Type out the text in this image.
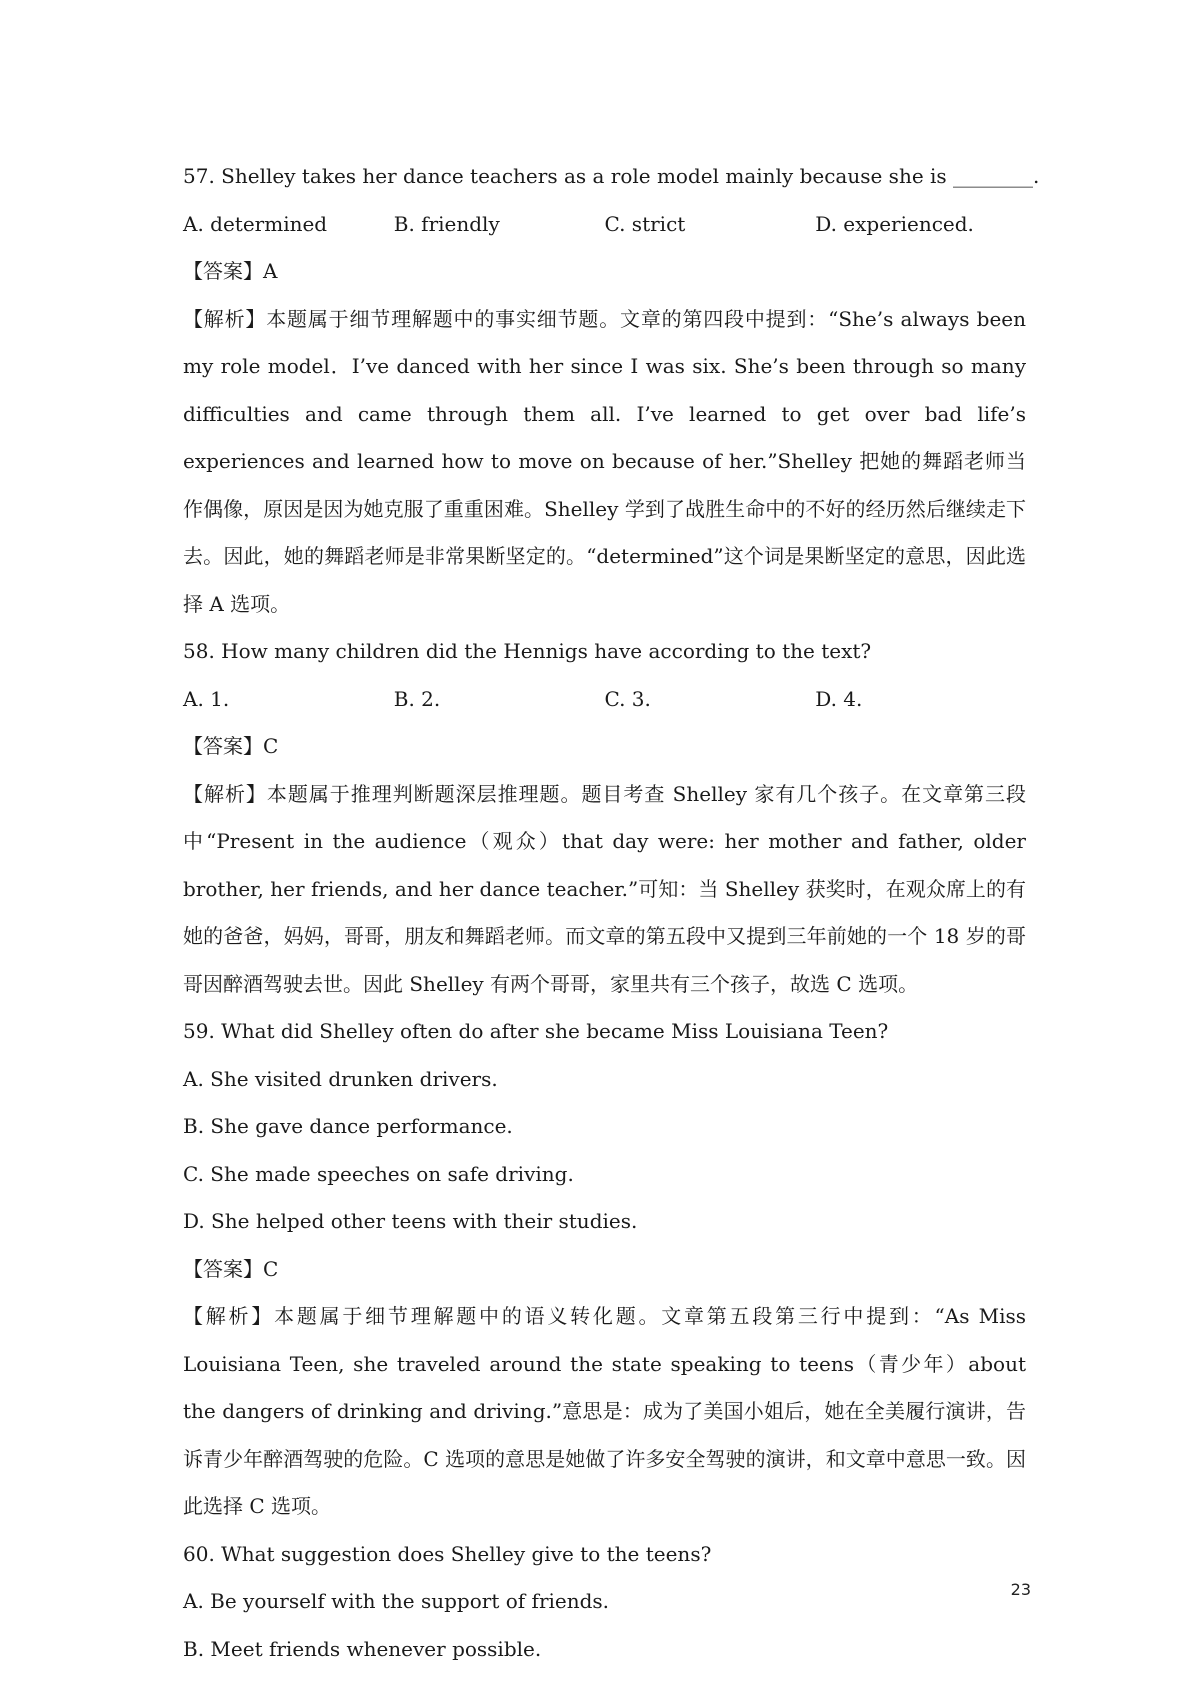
57. Shelley takes her dance teachers as a role model mainly because she is ________.
A. determined	B. friendly	C. strict	D. experienced.
【答案】A
【解析】本题属于细节理解题中的事实细节题。文章的第四段中提到：“She’s always been my role model．I’ve danced with her since I was six. She’s been through so many difficulties and came through them all. I’ve learned to get over bad life’s experiences and learned how to move on because of her.”Shelley 把她的舞蹈老师当作偶像，原因是因为她克服了重重困难。Shelley 学到了战胜生命中的不好的经历然后继续走下去。因此，她的舞蹈老师是非常果断坚定的。“determined”这个词是果断坚定的意思，因此选择 A 选项。
58. How many children did the Hennigs have according to the text?
A. 1.	B. 2.	C. 3.	D. 4.
【答案】C
【解析】本题属于推理判断题深层推理题。题目考查 Shelley 家有几个孩子。在文章第三段中“Present in the audience（观众）that day were: her mother and father, older brother, her friends, and her dance teacher.”可知：当 Shelley 获奖时，在观众席上的有她的爸爸，妈妈，哥哥，朋友和舞蹈老师。而文章的第五段中又提到三年前她的一个 18 岁的哥哥因醉酒驾驶去世。因此 Shelley 有两个哥哥，家里共有三个孩子，故选 C 选项。
59. What did Shelley often do after she became Miss Louisiana Teen?
A. She visited drunken drivers.
B. She gave dance performance.
C. She made speeches on safe driving.
D. She helped other teens with their studies.
【答案】C
【解析】本题属于细节理解题中的语义转化题。文章第五段第三行中提到：“As Miss Louisiana Teen, she traveled around the state speaking to teens（青少年）about the dangers of drinking and driving.”意思是：成为了美国小姐后，她在全美履行演讲，告诉青少年醉酒驾驶的危险。C 选项的意思是她做了许多安全驾驶的演讲，和文章中意思一致。因此选择 C 选项。
60. What suggestion does Shelley give to the teens?
A. Be yourself with the support of friends.
B. Meet friends whenever possible.
23
